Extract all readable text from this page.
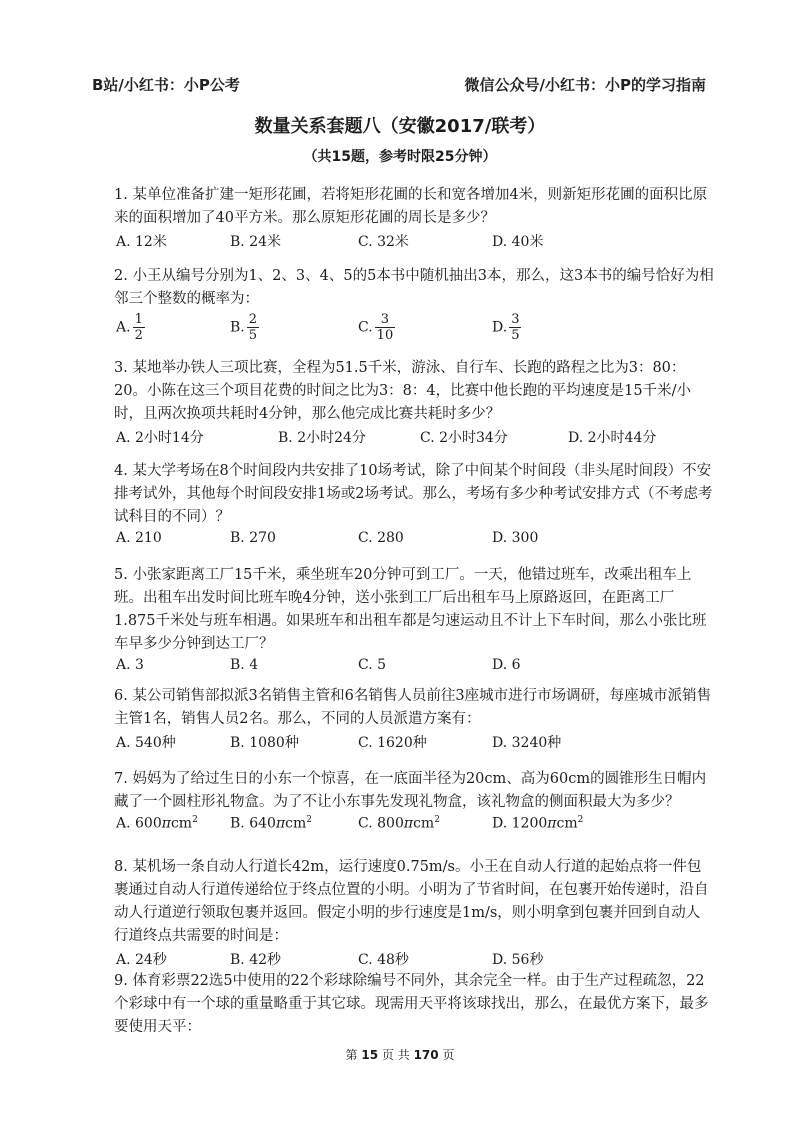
B站/小红书：小P公考	微信公众号/小红书：小P的学习指南
数量关系套题八（安徽2017/联考）
（共15题，参考时限25分钟）
1. 某单位准备扩建一矩形花圃，若将矩形花圃的长和宽各增加4米，则新矩形花圃的面积比原来的面积增加了40平方米。那么原矩形花圃的周长是多少？
A. 12米	B. 24米	C. 32米	D. 40米
2. 小王从编号分别为1、2、3、4、5的5本书中随机抽出3本，那么，这3本书的编号恰好为相邻三个整数的概率为：
A. $\frac{1}{2}$	B. $\frac{2}{5}$	C. $\frac{3}{10}$	D. $\frac{3}{5}$
3. 某地举办铁人三项比赛，全程为51.5千米，游泳、自行车、长跑的路程之比为3：80：20。小陈在这三个项目花费的时间之比为3：8：4，比赛中他长跑的平均速度是15千米/小时，且两次换项共耗时4分钟，那么他完成比赛共耗时多少？
A. 2小时14分	B. 2小时24分	C. 2小时34分	D. 2小时44分
4. 某大学考场在8个时间段内共安排了10场考试，除了中间某个时间段（非头尾时间段）不安排考试外，其他每个时间段安排1场或2场考试。那么，考场有多少种考试安排方式（不考虑考试科目的不同）？
A. 210	B. 270	C. 280	D. 300
5. 小张家距离工厂15千米，乘坐班车20分钟可到工厂。一天，他错过班车，改乘出租车上班。出租车出发时间比班车晚4分钟，送小张到工厂后出租车马上原路返回，在距离工厂1.875千米处与班车相遇。如果班车和出租车都是匀速运动且不计上下车时间，那么小张比班车早多少分钟到达工厂？
A. 3	B. 4	C. 5	D. 6
6. 某公司销售部拟派3名销售主管和6名销售人员前往3座城市进行市场调研，每座城市派销售主管1名，销售人员2名。那么，不同的人员派遣方案有：
A. 540种	B. 1080种	C. 1620种	D. 3240种
7. 妈妈为了给过生日的小东一个惊喜，在一底面半径为20cm、高为60cm的圆锥形生日帽内藏了一个圆柱形礼物盒。为了不让小东事先发现礼物盒，该礼物盒的侧面积最大为多少？
A. 600πcm$^2$ B. 640πcm$^2$	C. 800πcm$^2$	D. 1200πcm$^2$
8. 某机场一条自动人行道长42m，运行速度0.75m/s。小王在自动人行道的起始点将一件包裹通过自动人行道传递给位于终点位置的小明。小明为了节省时间，在包裹开始传递时，沿自动人行道逆行领取包裹并返回。假定小明的步行速度是1m/s，则小明拿到包裹并回到自动人行道终点共需要的时间是：
A. 24秒	B. 42秒	C. 48秒	D. 56秒
9. 体育彩票22选5中使用的22个彩球除编号不同外，其余完全一样。由于生产过程疏忽，22个彩球中有一个球的重量略重于其它球。现需用天平将该球找出，那么，在最优方案下，最多要使用天平：
第 15 页 共 170 页
